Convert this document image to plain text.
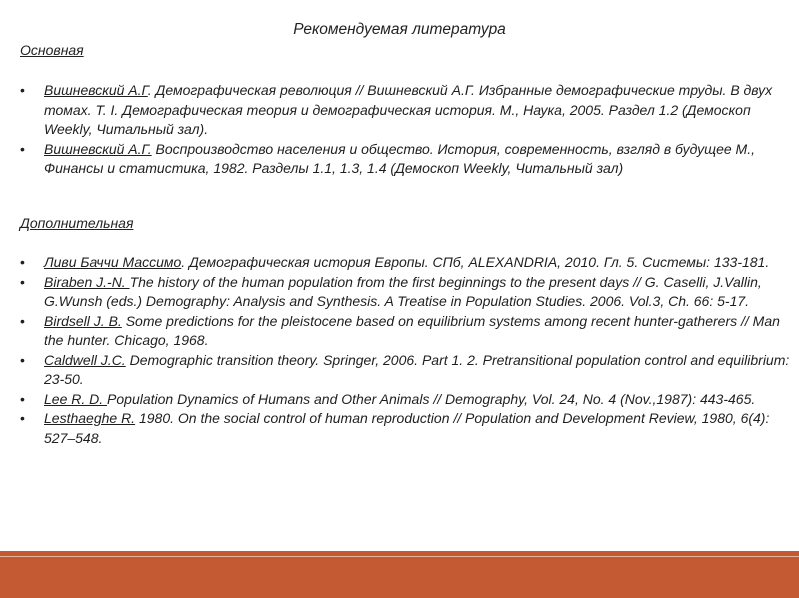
Рекомендуемая литература
Основная
• Вишневский А.Г. Демографическая революция // Вишневский А.Г. Избранные демографические труды. В двух томах. Т. I. Демографическая теория и демографическая история. М., Наука, 2005. Раздел 1.2 (Демоскоп Weekly, Читальный зал).
• Вишневский А.Г. Воспроизводство населения и общество. История, современность, взгляд в будущее М., Финансы и статистика, 1982. Разделы 1.1, 1.3, 1.4 (Демоскоп Weekly, Читальный зал)
Дополнительная
• Ливи Баччи Массимо. Демографическая история Европы. СПб, ALEXANDRIA, 2010. Гл. 5. Системы: 133-181.
• Biraben J.-N. The history of the human population from the first beginnings to the present days // G. Caselli, J.Vallin, G.Wunsh (eds.) Demography: Analysis and Synthesis. A Treatise in Population Studies. 2006. Vol.3, Ch. 66: 5-17.
• Birdsell J. B. Some predictions for the pleistocene based on equilibrium systems among recent hunter-gatherers // Man the hunter. Chicago, 1968.
• Caldwell J.C. Demographic transition theory. Springer, 2006. Part 1. 2. Pretransitional population control and equilibrium: 23-50.
• Lee R. D. Population Dynamics of Humans and Other Animals // Demography, Vol. 24, No. 4 (Nov.,1987): 443-465.
• Lesthaeghe R. 1980. On the social control of human reproduction // Population and Development Review, 1980, 6(4): 527–548.
